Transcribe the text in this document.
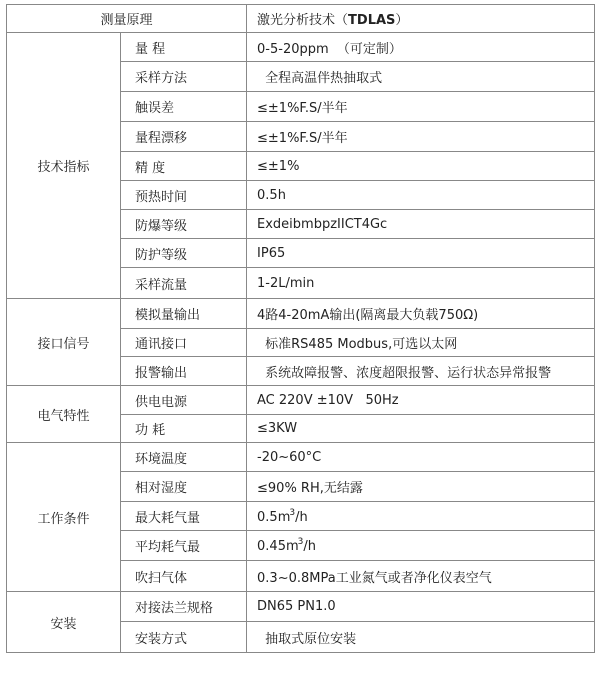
测量原理		激光分析技术（TDLAS）
技术指标	量 程	0-5-20ppm  （可定制）
	采样方法	全程高温伴热抽取式
	触误差	≤±1%F.S/半年
	量程漂移	≤±1%F.S/半年
	精 度	≤±1%
	预热时间	0.5h
	防爆等级	ExdeibmbpzIICT4Gc
	防护等级	IP65
	采样流量	1-2L/min
接口信号	模拟量输出	4路4-20mA输出(隔离最大负载750Ω)
	通讯接口	标准RS485 Modbus,可选以太网
	报警输出	系统故障报警、浓度超限报警、运行状态异常报警
电气特性	供电电源	AC 220V ±10V   50Hz
	功 耗	≤3KW
工作条件	环境温度	-20~60°C
	相对湿度	≤90% RH,无结露
	最大耗气量	$0.5m^3/h$
	平均耗气最	$0.45m^3/h$
	吹扫气体	0.3~0.8MPa工业氮气或者净化仪表空气
安装	对接法兰规格	DN65 PN1.0
	安装方式	抽取式原位安装
